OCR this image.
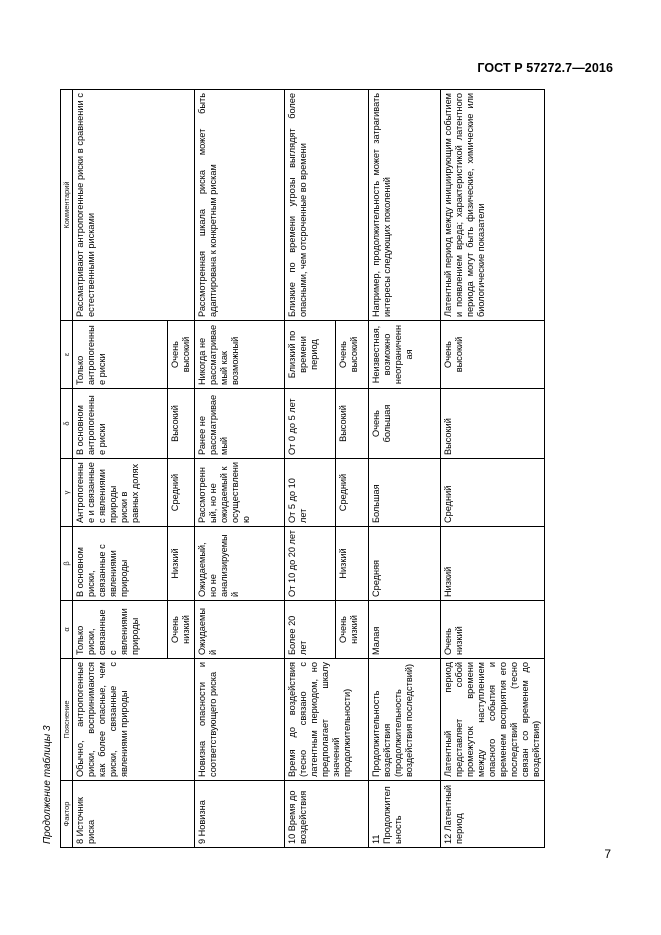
ГОСТ Р 57272.7—2016
Продолжение таблицы 3	Фактор	Пояснение	α	β	γ	δ	ε	Комментарий
8 Источник риска	Обычно, антропогенные риски, воспринимаются как более опасные, чем риски, связанные с явлениями природы	Только риски, связанные с явлениями природы	В основном риски, связанные с явлениями природы	Антропогенные и связанные с явлениями природы риски в равных долях	В основном антропогенные риски	Только антропогенные риски	Рассматривают антропогенные риски в сравнении с естественными рисками
		Очень низкий	Низкий	Средний	Высокий	Очень высокий	
9 Новизна	Новизна опасности и соответствующего риска	Ожидаемый	Ожидаемый, но не анализируемый	Рассмотренный, но не ожидаемый к осуществлению	Ранее не рассматриваемый	Никогда не рассматриваемый как возможный	Рассмотренная шкала риска может быть адаптирована к конкретным рискам
10 Время до воздействия	Время до воздействия (тесно связано с латентным периодом, но предполагает шкалу значений продолжительности)	Более 20 лет	От 10 до 20 лет	От 5 до 10 лет	От 0 до 5 лет	Близкий по времени период	Близкие по времени угрозы выглядят более опасными, чем отсроченные во времени
		Очень низкий	Низкий	Средний	Высокий	Очень высокий	
11 Продолжительность	Продолжительность воздействия (продолжительность воздействия последствий)	Малая	Средняя	Большая	Очень большая	Неизвестная, возможно неограниченная	Например, продолжительность может затрагивать интересы следующих поколений
12 Латентный период	Латентный период представляет собой промежуток времени между наступлением опасного события и временем восприятия его последствий (тесно связан со временем до воздействия)	Очень низкий	Низкий	Средний	Высокий	Очень высокий	Латентный период между инициирующим событием и появлением вреда; характеристикой латентного периода могут быть физические, химические или биологические показатели
7
